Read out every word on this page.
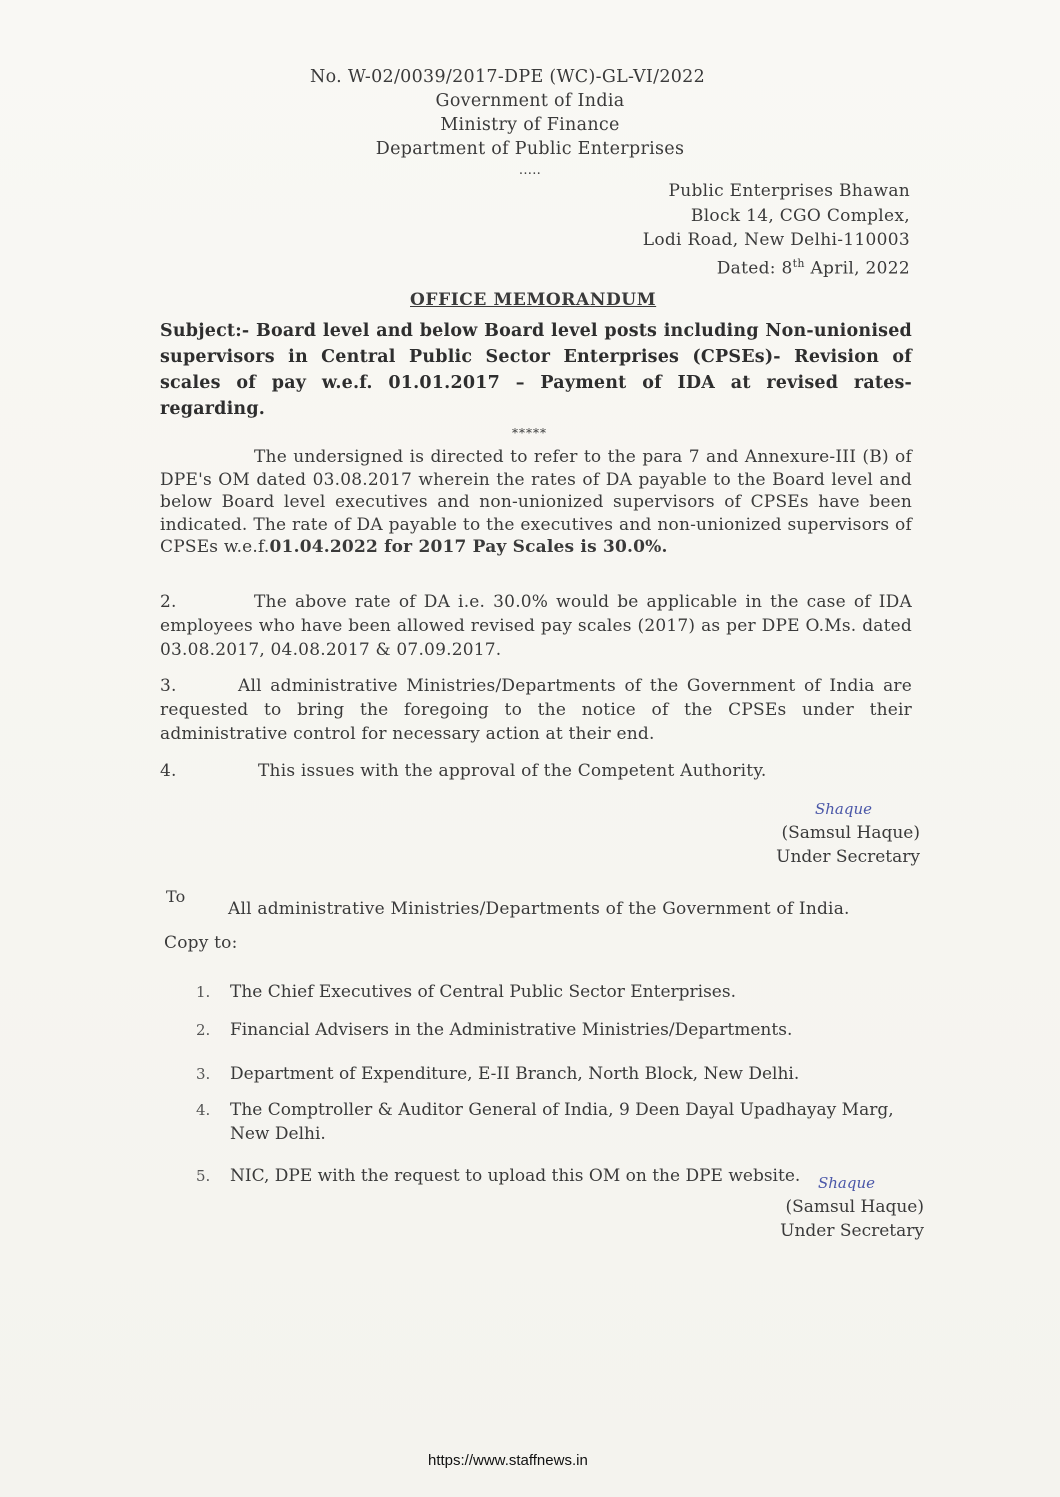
No. W-02/0039/2017-DPE (WC)-GL-VI/2022
Government of India
Ministry of Finance
Department of Public Enterprises
.....
Public Enterprises Bhawan
Block 14, CGO Complex,
Lodi Road, New Delhi-110003
Dated: 8th April, 2022
OFFICE MEMORANDUM
Subject:- Board level and below Board level posts including Non-unionised supervisors in Central Public Sector Enterprises (CPSEs)- Revision of scales of pay w.e.f. 01.01.2017 – Payment of IDA at revised rates-regarding.
*****
The undersigned is directed to refer to the para 7 and Annexure-III (B) of DPE's OM dated 03.08.2017 wherein the rates of DA payable to the Board level and below Board level executives and non-unionized supervisors of CPSEs have been indicated. The rate of DA payable to the executives and non-unionized supervisors of CPSEs w.e.f.01.04.2022 for 2017 Pay Scales is 30.0%.
2.	The above rate of DA i.e. 30.0% would be applicable in the case of IDA employees who have been allowed revised pay scales (2017) as per DPE O.Ms. dated 03.08.2017, 04.08.2017 & 07.09.2017.
3.	All administrative Ministries/Departments of the Government of India are requested to bring the foregoing to the notice of the CPSEs under their administrative control for necessary action at their end.
4.	This issues with the approval of the Competent Authority.
Shaque
(Samsul Haque)
Under Secretary
To
All administrative Ministries/Departments of the Government of India.
Copy to:
1. The Chief Executives of Central Public Sector Enterprises.
2. Financial Advisers in the Administrative Ministries/Departments.
3. Department of Expenditure, E-II Branch, North Block, New Delhi.
4.	The Comptroller & Auditor General of India, 9 Deen Dayal Upadhayay Marg, New Delhi.
5. NIC, DPE with the request to upload this OM on the DPE website.	Shaque
(Samsul Haque)
Under Secretary
https://www.staffnews.in
